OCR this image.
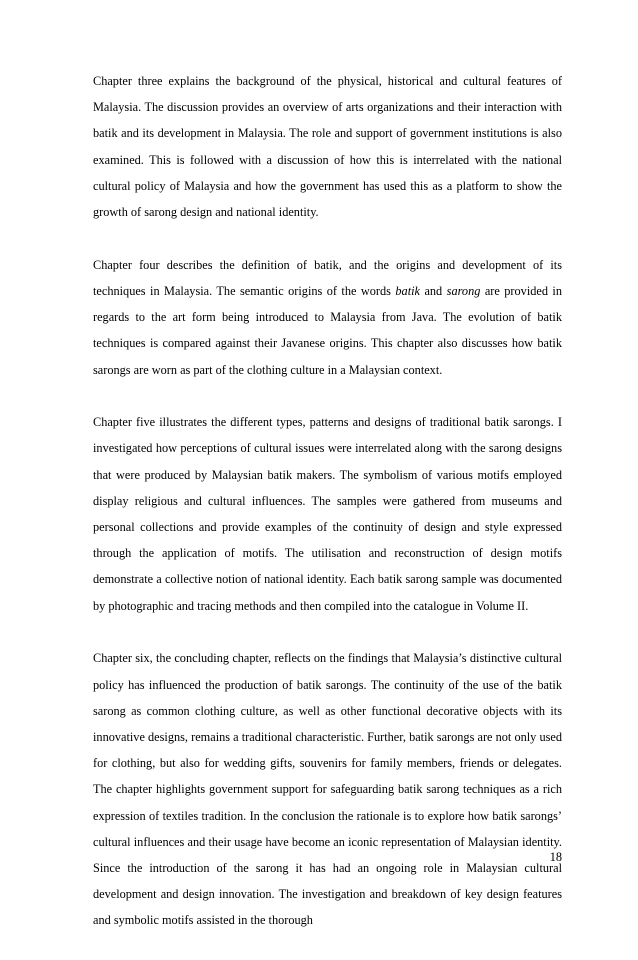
Chapter three explains the background of the physical, historical and cultural features of Malaysia. The discussion provides an overview of arts organizations and their interaction with batik and its development in Malaysia. The role and support of government institutions is also examined. This is followed with a discussion of how this is interrelated with the national cultural policy of Malaysia and how the government has used this as a platform to show the growth of sarong design and national identity.

Chapter four describes the definition of batik, and the origins and development of its techniques in Malaysia. The semantic origins of the words batik and sarong are provided in regards to the art form being introduced to Malaysia from Java. The evolution of batik techniques is compared against their Javanese origins. This chapter also discusses how batik sarongs are worn as part of the clothing culture in a Malaysian context.

Chapter five illustrates the different types, patterns and designs of traditional batik sarongs. I investigated how perceptions of cultural issues were interrelated along with the sarong designs that were produced by Malaysian batik makers. The symbolism of various motifs employed display religious and cultural influences. The samples were gathered from museums and personal collections and provide examples of the continuity of design and style expressed through the application of motifs. The utilisation and reconstruction of design motifs demonstrate a collective notion of national identity. Each batik sarong sample was documented by photographic and tracing methods and then compiled into the catalogue in Volume II.

Chapter six, the concluding chapter, reflects on the findings that Malaysia’s distinctive cultural policy has influenced the production of batik sarongs. The continuity of the use of the batik sarong as common clothing culture, as well as other functional decorative objects with its innovative designs, remains a traditional characteristic. Further, batik sarongs are not only used for clothing, but also for wedding gifts, souvenirs for family members, friends or delegates. The chapter highlights government support for safeguarding batik sarong techniques as a rich expression of textiles tradition. In the conclusion the rationale is to explore how batik sarongs’ cultural influences and their usage have become an iconic representation of Malaysian identity. Since the introduction of the sarong it has had an ongoing role in Malaysian cultural development and design innovation. The investigation and breakdown of key design features and symbolic motifs assisted in the thorough

18
